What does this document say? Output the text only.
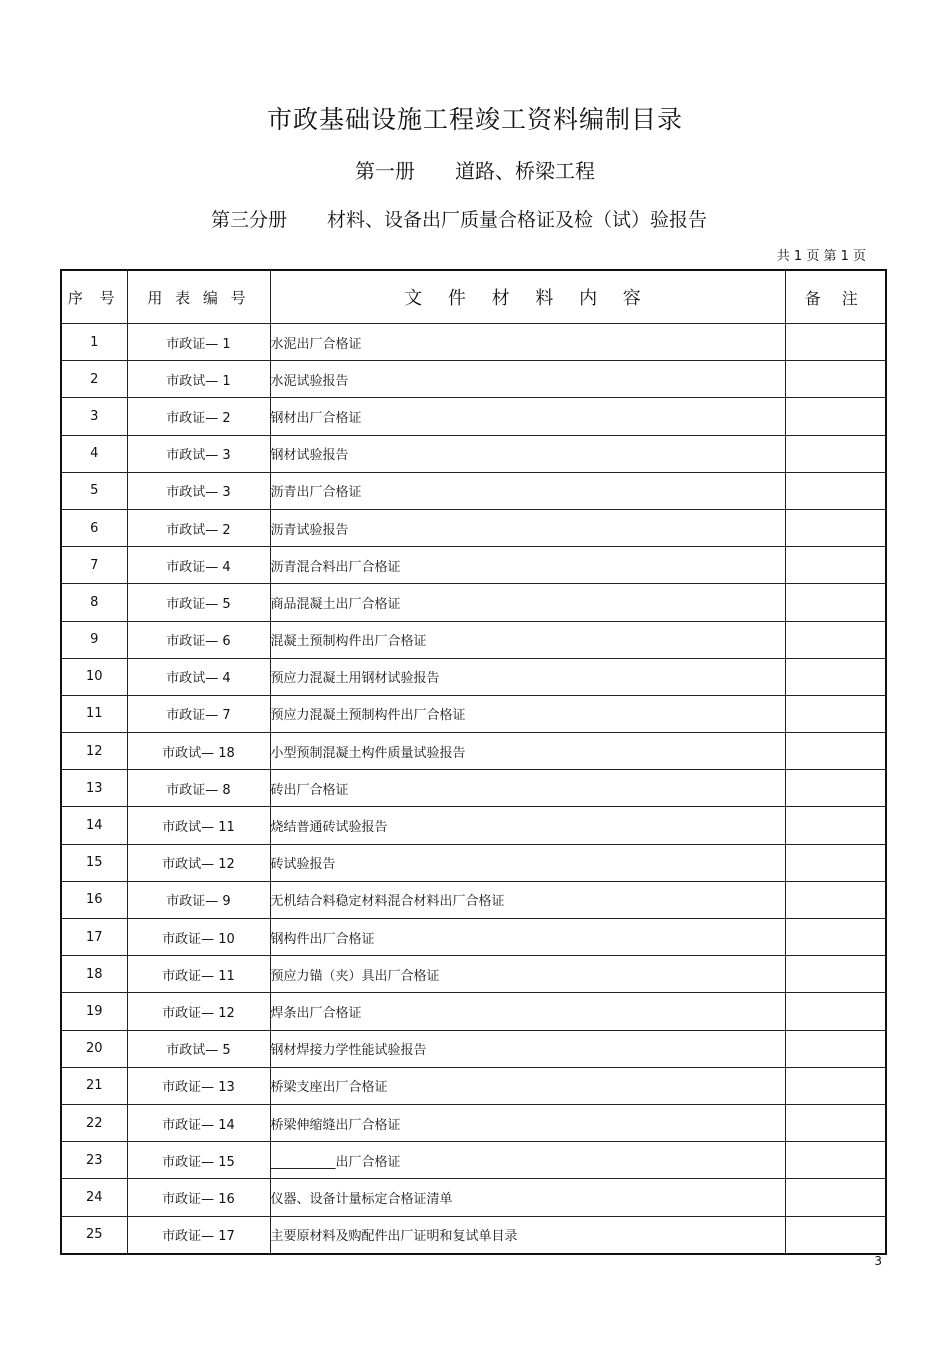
市政基础设施工程竣工资料编制目录
第一册 道路、桥梁工程
第三分册 材料、设备出厂质量合格证及检（试）验报告
共 1 页 第 1 页
序 号	用 表 编 号	文 件 材 料 内 容	备 注
1	市政证— 1	水泥出厂合格证	
2	市政试— 1	水泥试验报告	
3	市政证— 2	钢材出厂合格证	
4	市政试— 3	钢材试验报告	
5	市政试— 3	沥青出厂合格证	
6	市政试— 2	沥青试验报告	
7	市政证— 4	沥青混合料出厂合格证	
8	市政证— 5	商品混凝土出厂合格证	
9	市政证— 6	混凝土预制构件出厂合格证	
10	市政试— 4	预应力混凝土用钢材试验报告	
11	市政证— 7	预应力混凝土预制构件出厂合格证	
12	市政试— 18	小型预制混凝土构件质量试验报告	
13	市政证— 8	砖出厂合格证	
14	市政试— 11	烧结普通砖试验报告	
15	市政试— 12	砖试验报告	
16	市政证— 9	无机结合料稳定材料混合材料出厂合格证	
17	市政证— 10	钢构件出厂合格证	
18	市政证— 11	预应力锚（夹）具出厂合格证	
19	市政证— 12	焊条出厂合格证	
20	市政试— 5	钢材焊接力学性能试验报告	
21	市政证— 13	桥梁支座出厂合格证	
22	市政证— 14	桥梁伸缩缝出厂合格证	
23	市政证— 15	__________出厂合格证	
24	市政证— 16	仪器、设备计量标定合格证清单	
25	市政证— 17	主要原材料及购配件出厂证明和复试单目录	
3
